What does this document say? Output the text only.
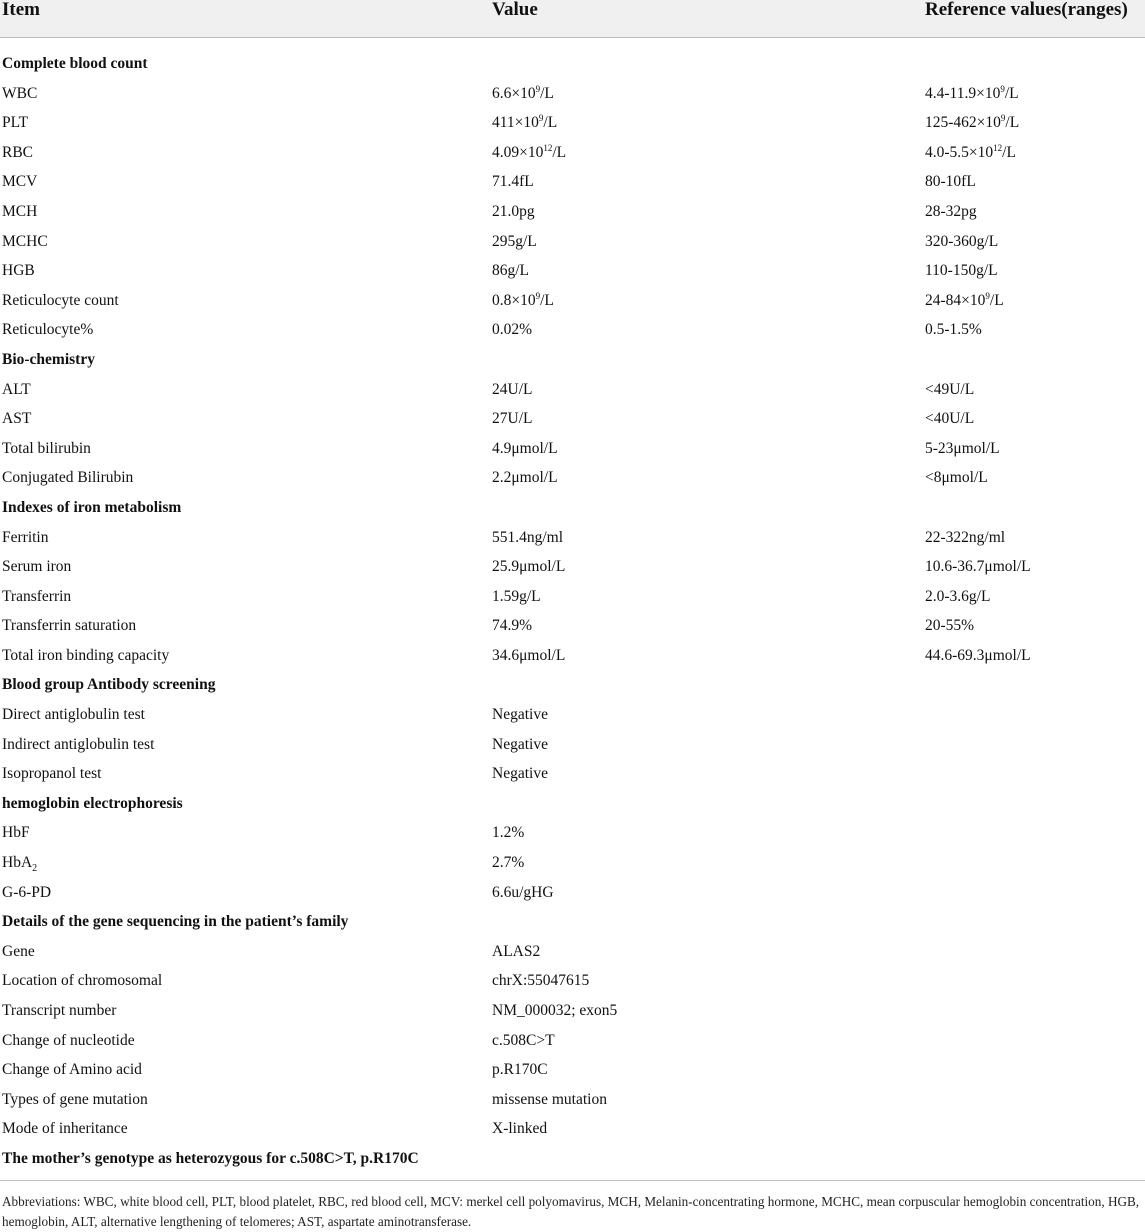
Item	Value	Reference values(ranges)
Complete blood count
WBC	$6.6\times 10^9/L$	$4.4-11.9\times 10^9/L$
PLT	$411\times 10^9/L$	$125-462\times 10^9/L$
RBC	$4.09\times 10^{12}/L$	$4.0-5.5\times 10^{12}/L$
MCV	71.4fL	80-10fL
MCH	21.0pg	28-32pg
MCHC	295g/L	320-360g/L
HGB	86g/L	110-150g/L
Reticulocyte count	$0.8\times 10^9/L$	$24-84\times 10^9/L$
Reticulocyte%	0.02%	0.5-1.5%
Bio-chemistry
ALT	24U/L	<49U/L
AST	27U/L	<40U/L
Total bilirubin	4.9μmol/L	5-23μmol/L
Conjugated Bilirubin	2.2μmol/L	<8μmol/L
Indexes of iron metabolism
Ferritin	551.4ng/ml	22-322ng/ml
Serum iron	25.9μmol/L	10.6-36.7μmol/L
Transferrin	1.59g/L	2.0-3.6g/L
Transferrin saturation	74.9%	20-55%
Total iron binding capacity	34.6μmol/L	44.6-69.3μmol/L
Blood group Antibody screening
Direct antiglobulin test	Negative
Indirect antiglobulin test	Negative
Isopropanol test	Negative
hemoglobin electrophoresis
HbF	1.2%
HbA$_2$	2.7%
G-6-PD	6.6u/gHG
Details of the gene sequencing in the patient’s family
Gene	ALAS2
Location of chromosomal	chrX:55047615
Transcript number	NM_000032; exon5
Change of nucleotide	c.508C>T
Change of Amino acid	p.R170C
Types of gene mutation	missense mutation
Mode of inheritance	X-linked
The mother’s genotype as heterozygous for c.508C>T, p.R170C
Abbreviations: WBC, white blood cell, PLT, blood platelet, RBC, red blood cell, MCV: merkel cell polyomavirus, MCH, Melanin-concentrating hormone, MCHC, mean corpuscular hemoglobin concentration, HGB, hemoglobin, ALT, alternative lengthening of telomeres; AST, aspartate aminotransferase.
